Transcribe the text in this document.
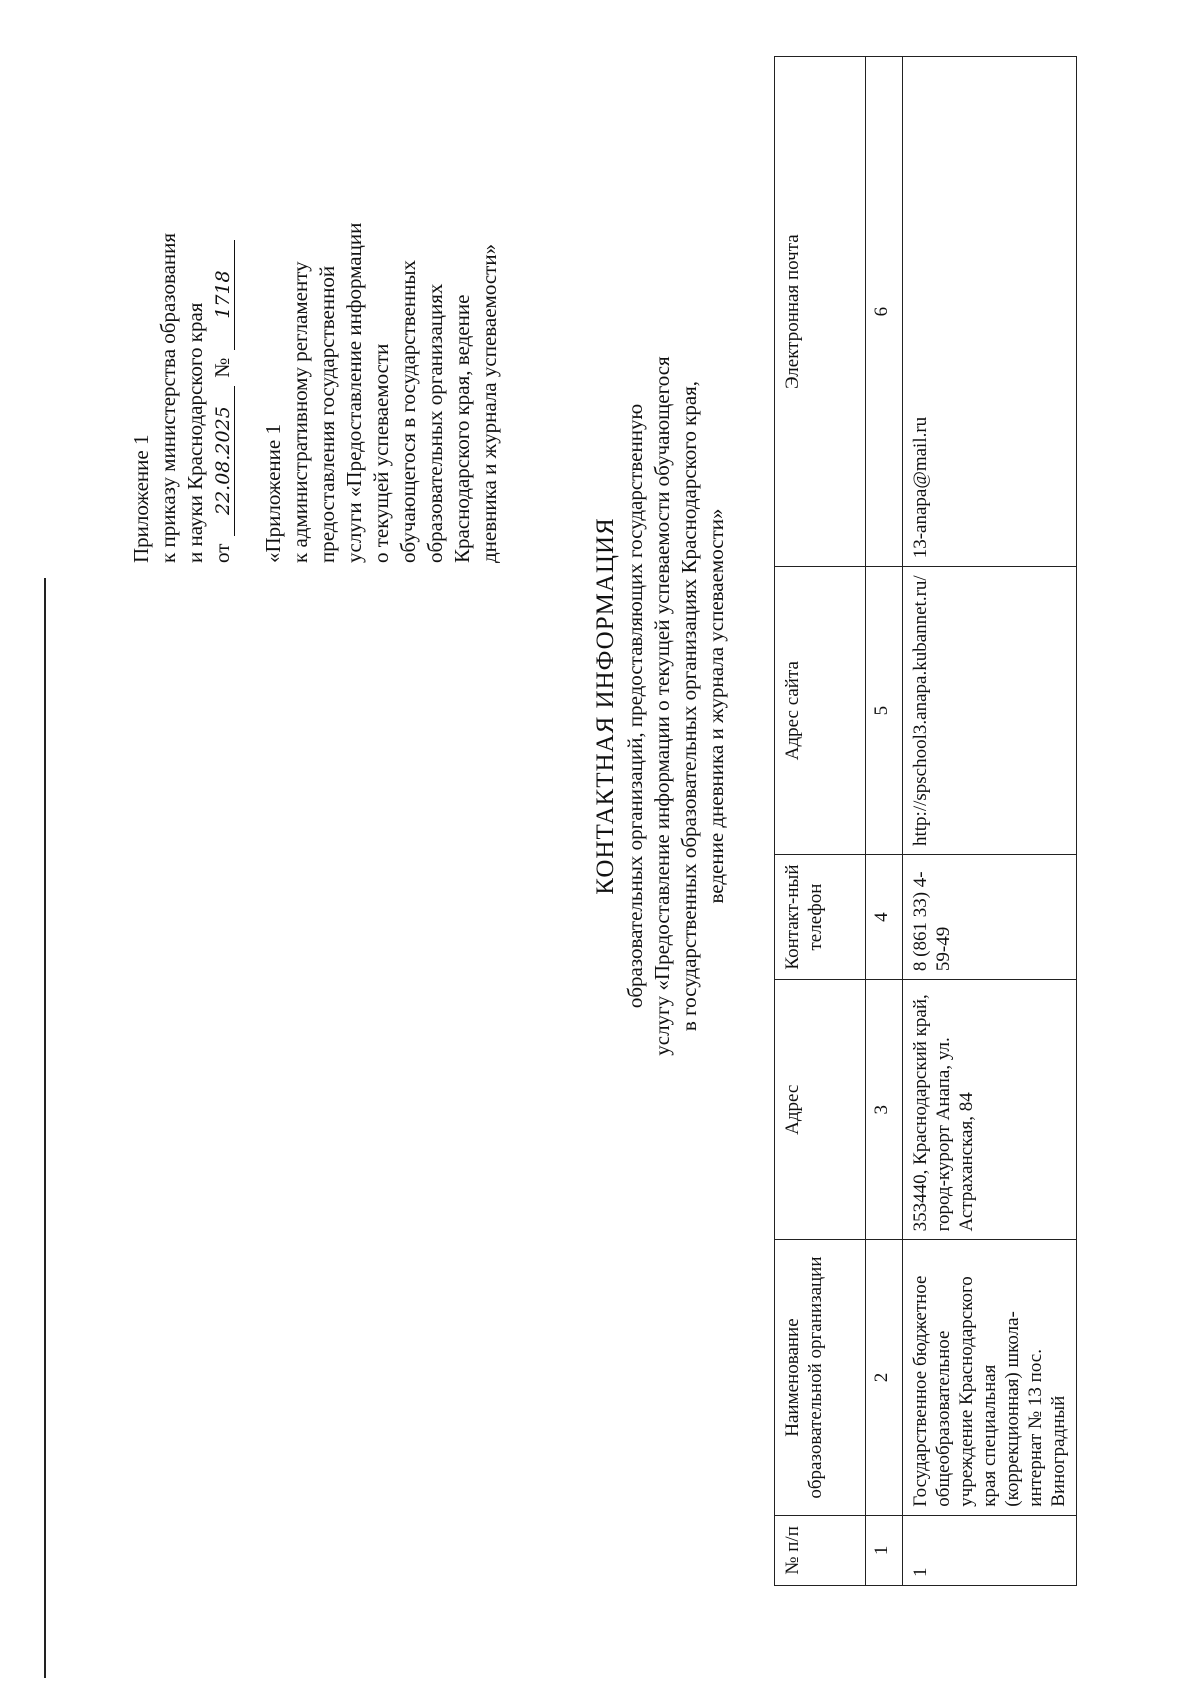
Приложение 1 к приказу министерства образования и науки Краснодарского края от
22.08.2025
№
1718
«Приложение 1 к административному регламенту предоставления государственной услуги «Предоставление информации о текущей успеваемости обучающегося в государственных образовательных организациях Краснодарского края, ведение дневника и журнала успеваемости»
КОНТАКТНАЯ ИНФОРМАЦИЯ образовательных организаций, предоставляющих государственную услугу «Предоставление информации о текущей успеваемости обучающегося в государственных образовательных организациях Краснодарского края, ведение дневника и журнала успеваемости»
№ п/п	Наименование образовательной организации	Адрес	Контакт-ный телефон	Адрес сайта	Электронная почта
1	2	3	4	5	6
1	Государственное бюджетное общеобразовательное учреждение Краснодарского края специальная (коррекционная) школа-интернат № 13 пос. Виноградный	353440, Краснодарский край, город-курорт Анапа, ул. Астраханская, 84	8 (861 33) 4-59-49	http://spschool3.anapa.kubannet.ru/	13-anapa@mail.ru
